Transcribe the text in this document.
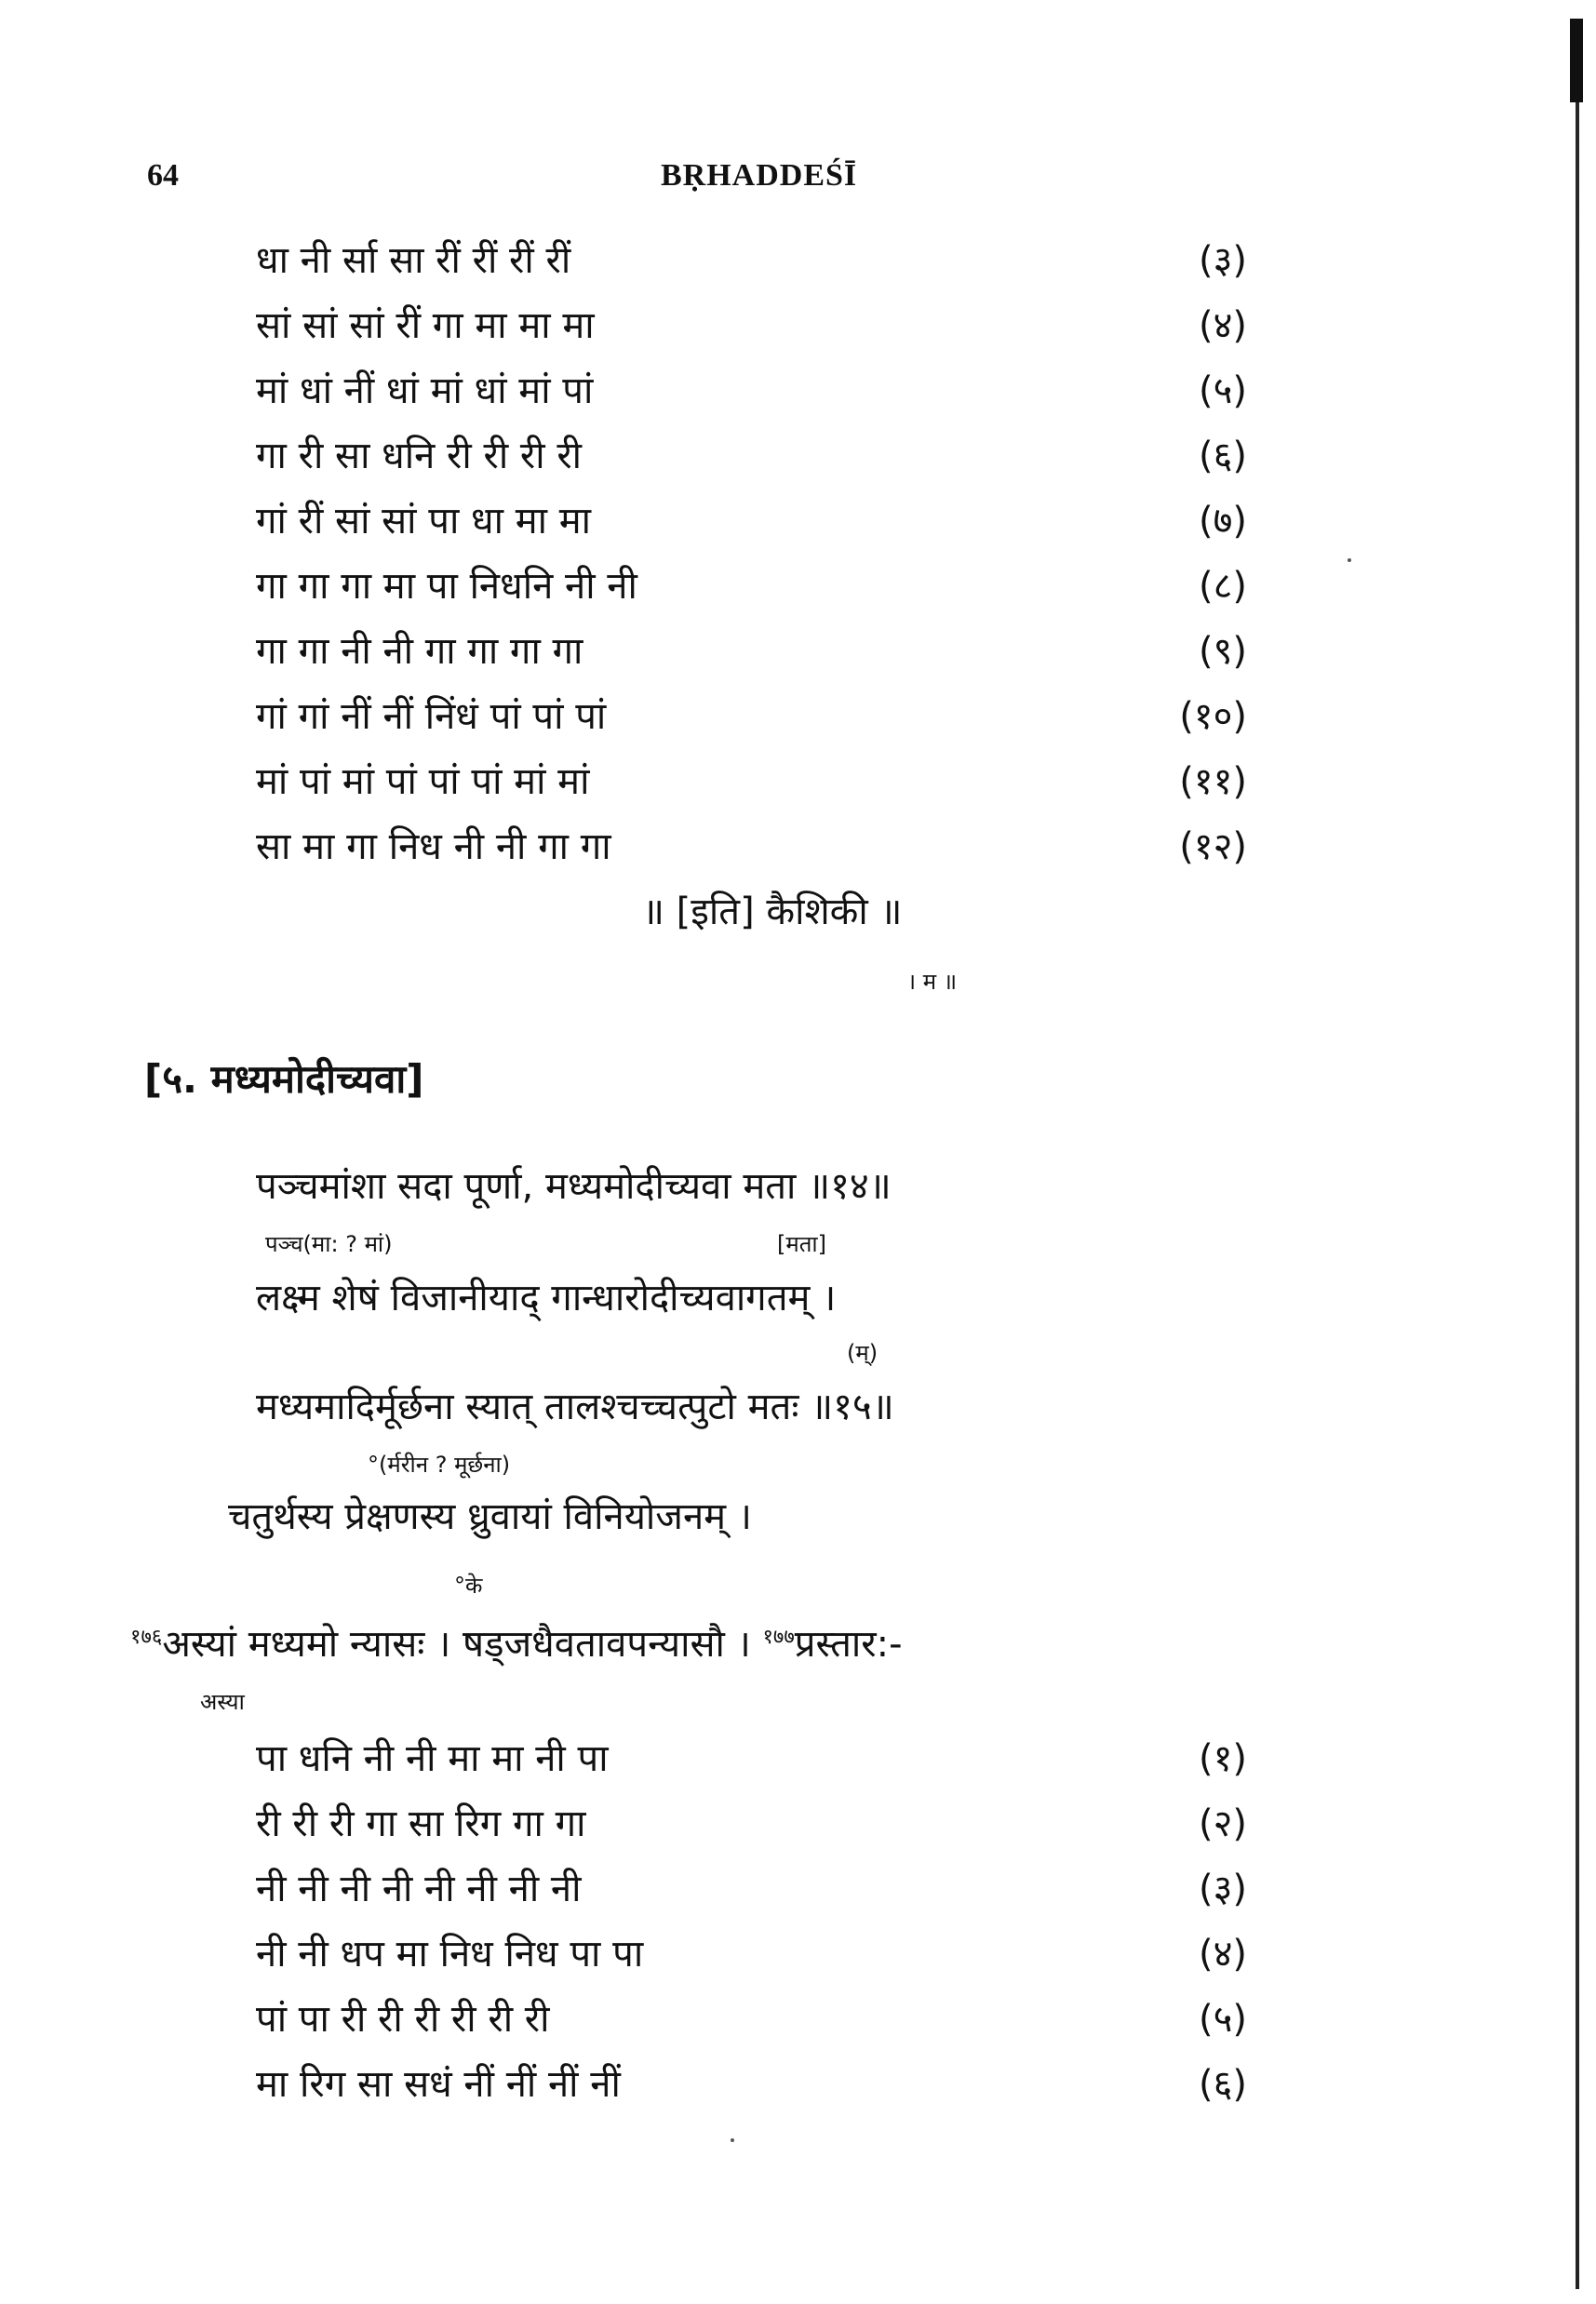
64	BṚHADDEŚĪ
धा नी र्सा सा रीं रीं रीं रीं	(३)
सां सां सां रीं गा मा मा मा	(४)
मां धां नीं धां मां धां मां पां	(५)
गा री सा धनि री री री री	(६)
गां रीं सां सां पा धा मा मा	(७)
गा गा गा मा पा निधनि नी नी	(८)
गा गा नी नी गा गा गा गा	(९)
गां गां नीं नीं निंधं पां पां पां	(१०)
मां पां मां पां पां पां मां मां	(११)
सा मा गा निध नी नी गा गा	(१२)
॥ [इति] कैशिकी ॥
। म ॥
[५. मध्यमोदीच्यवा]
पञ्चमांशा सदा पूर्णा, मध्यमोदीच्यवा मता ॥१४॥
पञ्च(मा: ? मां)	[मता]
लक्ष्म शेषं विजानीयाद् गान्धारोदीच्यवागतम् ।
(म्)
मध्यमादिर्मूर्छना स्यात् तालश्चच्चत्पुटो मतः ॥१५॥
°(र्मरीन ? मूर्छना)
चतुर्थस्य प्रेक्षणस्य ध्रुवायां विनियोजनम् ।
°के
$^{१७६}$अस्यां मध्यमो न्यासः । षड्जधैवतावपन्यासौ । $^{१७७}$प्रस्तार:-
अस्या
पा धनि नी नी मा मा नी पा	(१)
री री री गा सा रिग गा गा	(२)
नी नी नी नी नी नी नी नी	(३)
नी नी धप मा निध निध पा पा	(४)
पां पा री री री री री री	(५)
मा रिग सा सधं नीं नीं नीं नीं	(६)
